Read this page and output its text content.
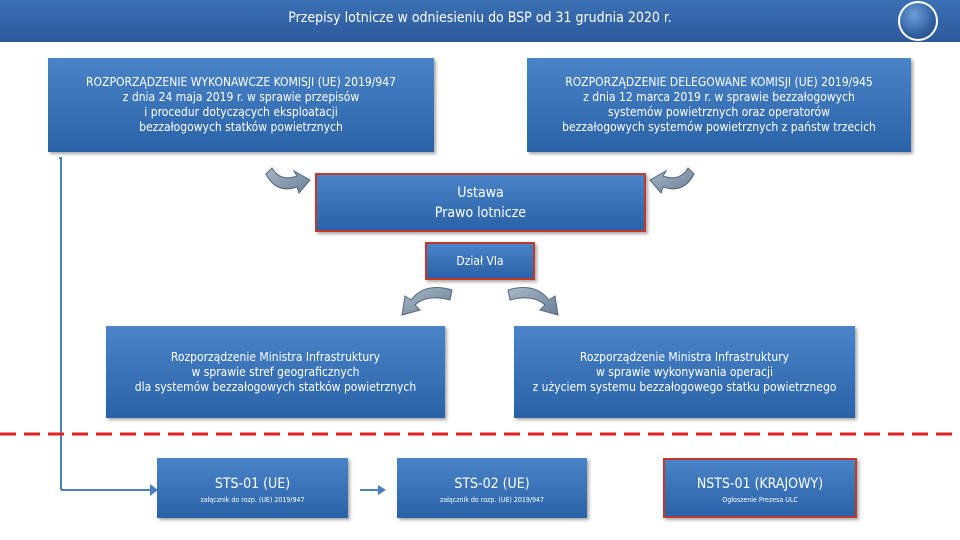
Przepisy lotnicze w odniesieniu do BSP od 31 grudnia 2020 r.
ROZPORZĄDZENIE WYKONAWCZE KOMISJI (UE) 2019/947
z dnia 24 maja 2019 r. w sprawie przepisów
i procedur dotyczących eksploatacji
bezzałogowych statków powietrznych
ROZPORZĄDZENIE DELEGOWANE KOMISJI (UE) 2019/945
z dnia 12 marca 2019 r. w sprawie bezzałogowych
systemów powietrznych oraz operatorów
bezzałogowych systemów powietrznych z państw trzecich
Ustawa
Prawo lotnicze
Dział VIa
Rozporządzenie Ministra Infrastruktury
w sprawie stref geograficznych
dla systemów bezzałogowych statków powietrznych
Rozporządzenie Ministra Infrastruktury
w sprawie wykonywania operacji
z użyciem systemu bezzałogowego statku powietrznego
STS-01 (UE)
załącznik do rozp. (UE) 2019/947
STS-02 (UE)
załącznik do rozp. (UE) 2019/947
NSTS-01 (KRAJOWY)
Ogłoszenie Prezesa ULC
